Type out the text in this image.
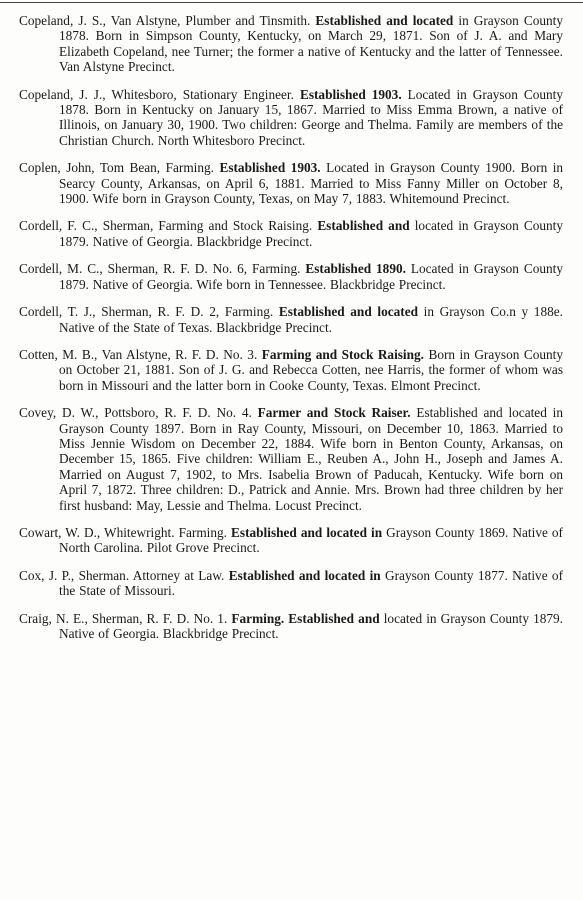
Copeland, J. S., Van Alstyne, Plumber and Tinsmith. Established and located in Grayson County 1878. Born in Simpson County, Kentucky, on March 29, 1871. Son of J. A. and Mary Elizabeth Copeland, nee Turner; the former a native of Kentucky and the latter of Tennessee. Van Alstyne Precinct.

Copeland, J. J., Whitesboro, Stationary Engineer. Established 1903. Located in Grayson County 1878. Born in Kentucky on January 15, 1867. Married to Miss Emma Brown, a native of Illinois, on January 30, 1900. Two children: George and Thelma. Family are members of the Christian Church. North Whitesboro Precinct.

Coplen, John, Tom Bean, Farming. Established 1903. Located in Grayson County 1900. Born in Searcy County, Arkansas, on April 6, 1881. Married to Miss Fanny Miller on October 8, 1900. Wife born in Grayson County, Texas, on May 7, 1883. Whitemound Precinct.

Cordell, F. C., Sherman, Farming and Stock Raising. Established and located in Grayson County 1879. Native of Georgia. Blackbridge Precinct.

Cordell, M. C., Sherman, R. F. D. No. 6, Farming. Established 1890. Located in Grayson County 1879. Native of Georgia. Wife born in Tennessee. Blackbridge Precinct.

Cordell, T. J., Sherman, R. F. D. 2, Farming. Established and located in Grayson Co.n y 188e. Native of the State of Texas. Blackbridge Precinct.

Cotten, M. B., Van Alstyne, R. F. D. No. 3. Farming and Stock Raising. Born in Grayson County on October 21, 1881. Son of J. G. and Rebecca Cotten, nee Harris, the former of whom was born in Missouri and the latter born in Cooke County, Texas. Elmont Precinct.

Covey, D. W., Pottsboro, R. F. D. No. 4. Farmer and Stock Raiser. Established and located in Grayson County 1897. Born in Ray County, Missouri, on December 10, 1863. Married to Miss Jennie Wisdom on December 22, 1884. Wife born in Benton County, Arkansas, on December 15, 1865. Five children: William E., Reuben A., John H., Joseph and James A. Married on August 7, 1902, to Mrs. Isabelia Brown of Paducah, Kentucky. Wife born on April 7, 1872. Three children: D., Patrick and Annie. Mrs. Brown had three children by her first husband: May, Lessie and Thelma. Locust Precinct.

Cowart, W. D., Whitewright. Farming. Established and located in Grayson County 1869. Native of North Carolina. Pilot Grove Precinct.

Cox, J. P., Sherman. Attorney at Law. Established and located in Grayson County 1877. Native of the State of Missouri.

Craig, N. E., Sherman, R. F. D. No. 1. Farming. Established and located in Grayson County 1879. Native of Georgia. Blackbridge Precinct.
